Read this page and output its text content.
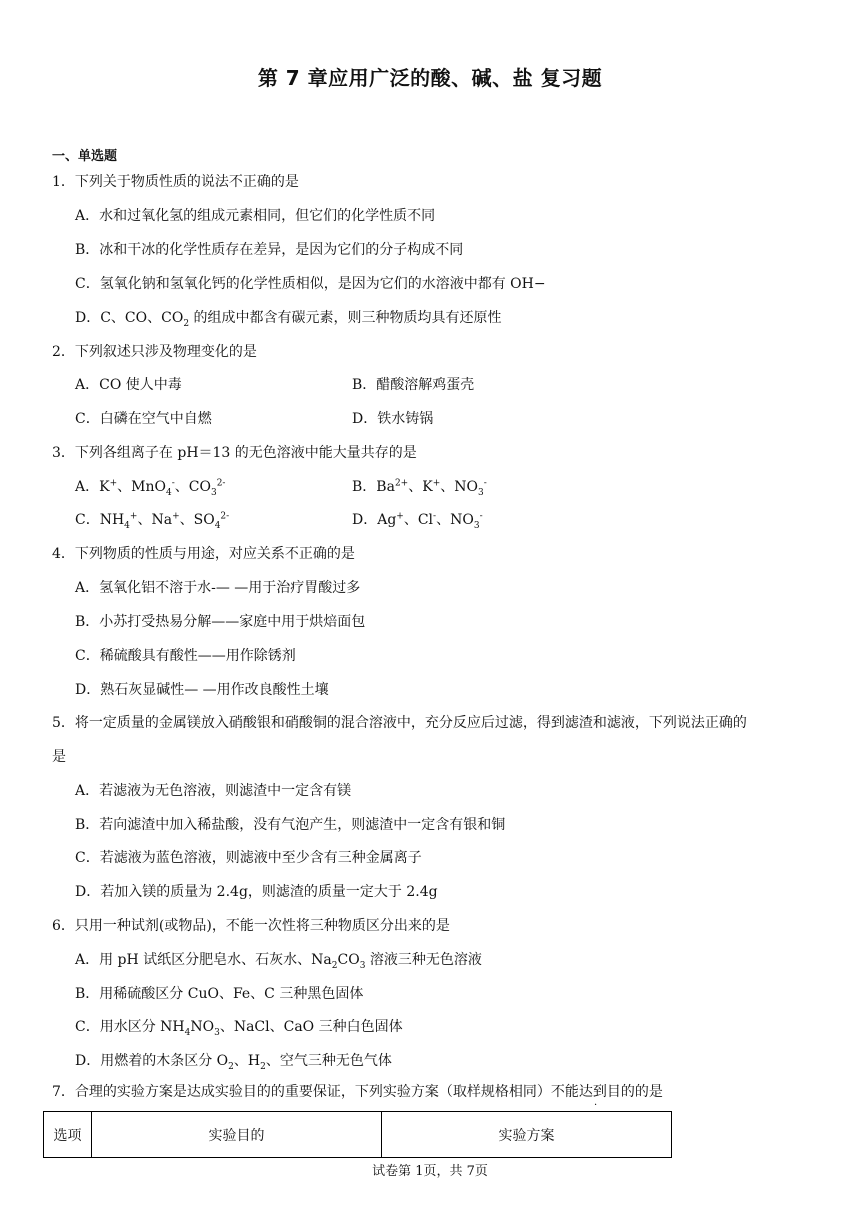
第 7 章应用广泛的酸、碱、盐 复习题
一、单选题
1．下列关于物质性质的说法不正确的是
A．水和过氧化氢的组成元素相同，但它们的化学性质不同
B．冰和干冰的化学性质存在差异，是因为它们的分子构成不同
C．氢氧化钠和氢氧化钙的化学性质相似，是因为它们的水溶液中都有 OH−
D．C、CO、$CO_2$ 的组成中都含有碳元素，则三种物质均具有还原性
2．下列叙述只涉及物理变化的是
A．CO 使人中毒	B．醋酸溶解鸡蛋壳
C．白磷在空气中自燃	D．铁水铸锅
3．下列各组离子在 pH＝13 的无色溶液中能大量共存的是
A．K+、MnO$_4$-、$CO_3^{2-}$	B．$Ba^{2+}$、K+、$NO_3^-$
C．$NH_4^+$、Na+、$SO_4^{2-}$	D．Ag+、Cl-、$NO_3^-$
4．下列物质的性质与用途，对应关系不正确的是
A．氢氧化铝不溶于水-— —用于治疗胃酸过多
B．小苏打受热易分解——家庭中用于烘焙面包
C．稀硫酸具有酸性——用作除锈剂
D．熟石灰显碱性— —用作改良酸性土壤
5．将一定质量的金属镁放入硝酸银和硝酸铜的混合溶液中，充分反应后过滤，得到滤渣和滤液，下列说法正确的
是
A．若滤液为无色溶液，则滤渣中一定含有镁
B．若向滤渣中加入稀盐酸，没有气泡产生，则滤渣中一定含有银和铜
C．若滤液为蓝色溶液，则滤液中至少含有三种金属离子
D．若加入镁的质量为 2.4g，则滤渣的质量一定大于 2.4g
6．只用一种试剂(或物品)，不能一次性将三种物质区分出来的是
A．用 pH 试纸区分肥皂水、石灰水、$Na_2CO_3$ 溶液三种无色溶液
B．用稀硫酸区分 CuO、Fe、C 三种黑色固体
C．用水区分 $NH_4NO_3$、NaCl、CaO 三种白色固体
D．用燃着的木条区分 $O_2$、$H_2$、空气三种无色气体
7．合理的实验方案是达成实验目的的重要保证，下列实验方案（取样规格相同）不能达到目的的是
·
选项	实验目的	实验方案
试卷第 1页，共 7页
